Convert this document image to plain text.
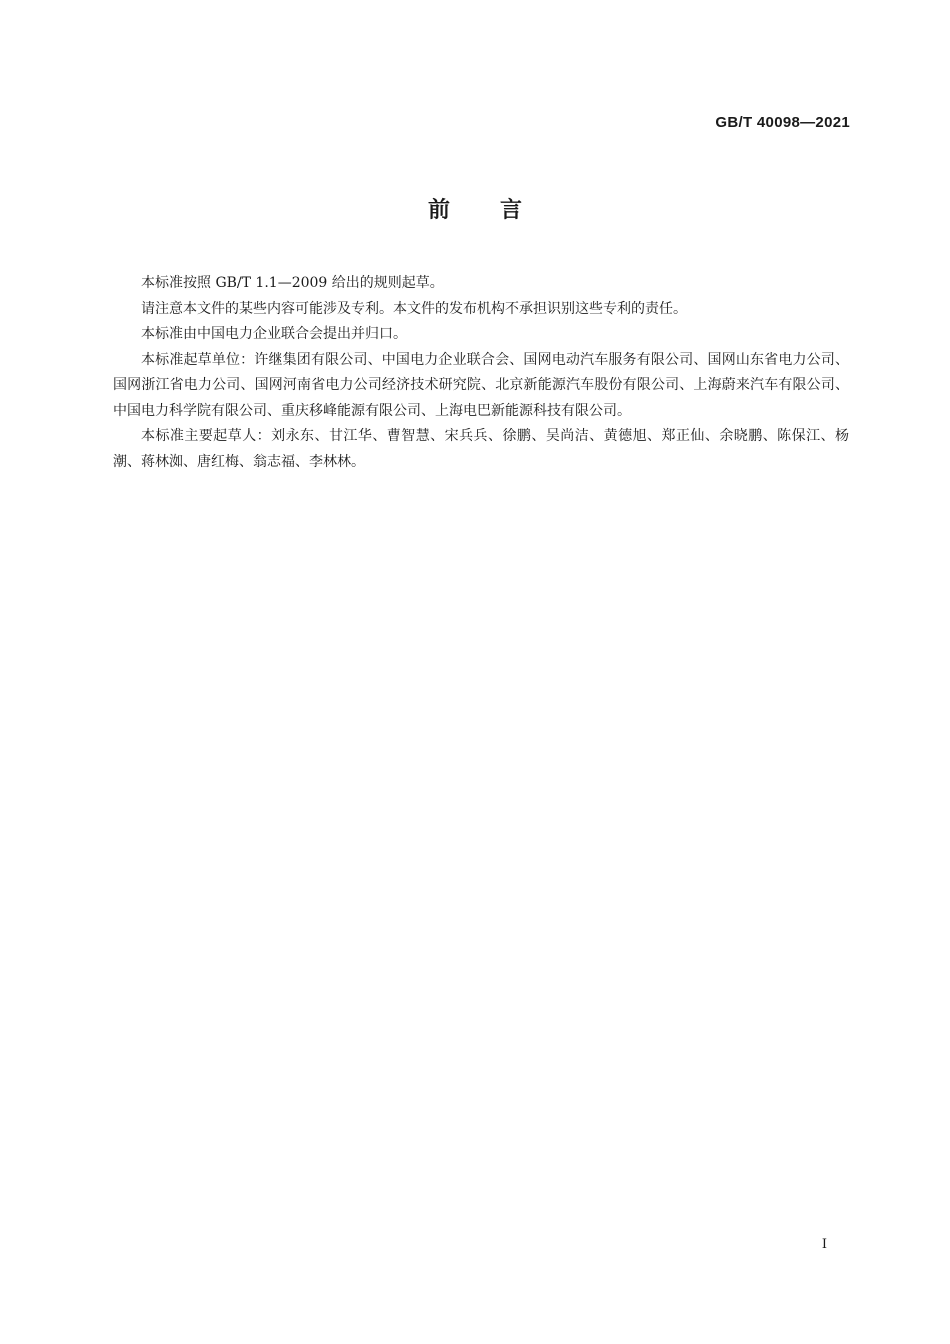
GB/T 40098—2021
前言

本标准按照 GB/T 1.1—2009 给出的规则起草。

请注意本文件的某些内容可能涉及专利。本文件的发布机构不承担识别这些专利的责任。

本标准由中国电力企业联合会提出并归口。

本标准起草单位：许继集团有限公司、中国电力企业联合会、国网电动汽车服务有限公司、国网山东省电力公司、国网浙江省电力公司、国网河南省电力公司经济技术研究院、北京新能源汽车股份有限公司、上海蔚来汽车有限公司、中国电力科学院有限公司、重庆移峰能源有限公司、上海电巴新能源科技有限公司。

本标准主要起草人：刘永东、甘江华、曹智慧、宋兵兵、徐鹏、吴尚洁、黄德旭、郑正仙、余晓鹏、陈保江、杨潮、蒋林洳、唐红梅、翁志福、李林林。

I
